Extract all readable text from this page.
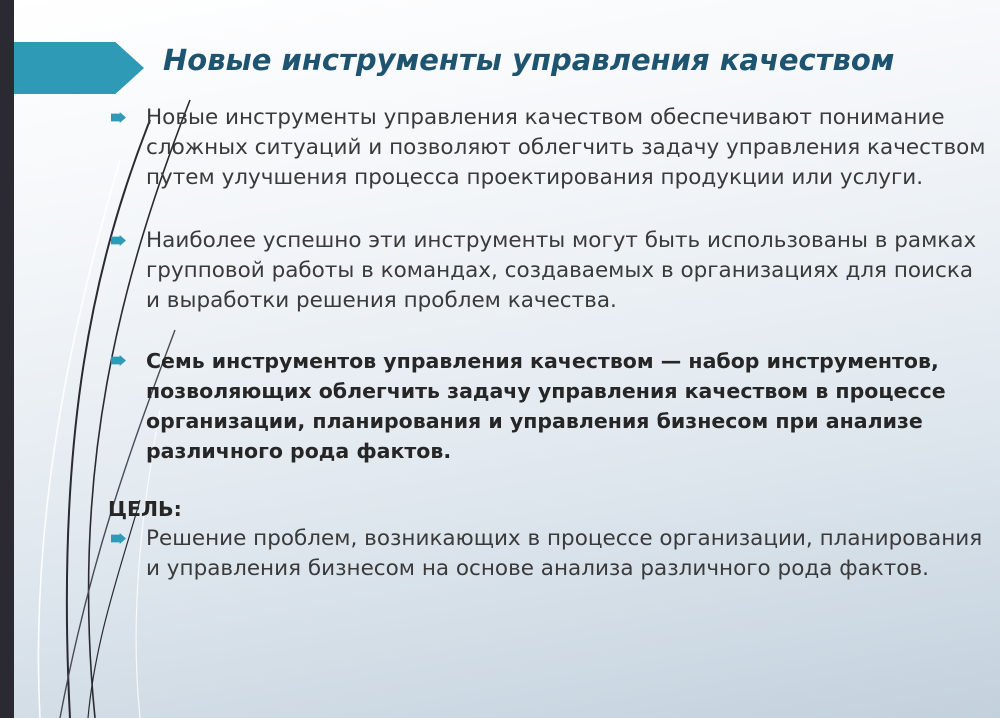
Новые инструменты управления качеством
Новые инструменты управления качеством обеспечивают понимание сложных ситуаций и позволяют облегчить задачу управления качеством путем улучшения процесса проектирования продукции или услуги.
Наиболее успешно эти инструменты могут быть использованы в рамках групповой работы в командах, создаваемых в организациях для поиска и выработки решения проблем качества.
Семь инструментов управления качеством — набор инструментов, позволяющих облегчить задачу управления качеством в процессе организации, планирования и управления бизнесом при анализе различного рода фактов.
ЦЕЛЬ:
Решение проблем, возникающих в процессе организации, планирования и управления бизнесом на основе анализа различного рода фактов.
